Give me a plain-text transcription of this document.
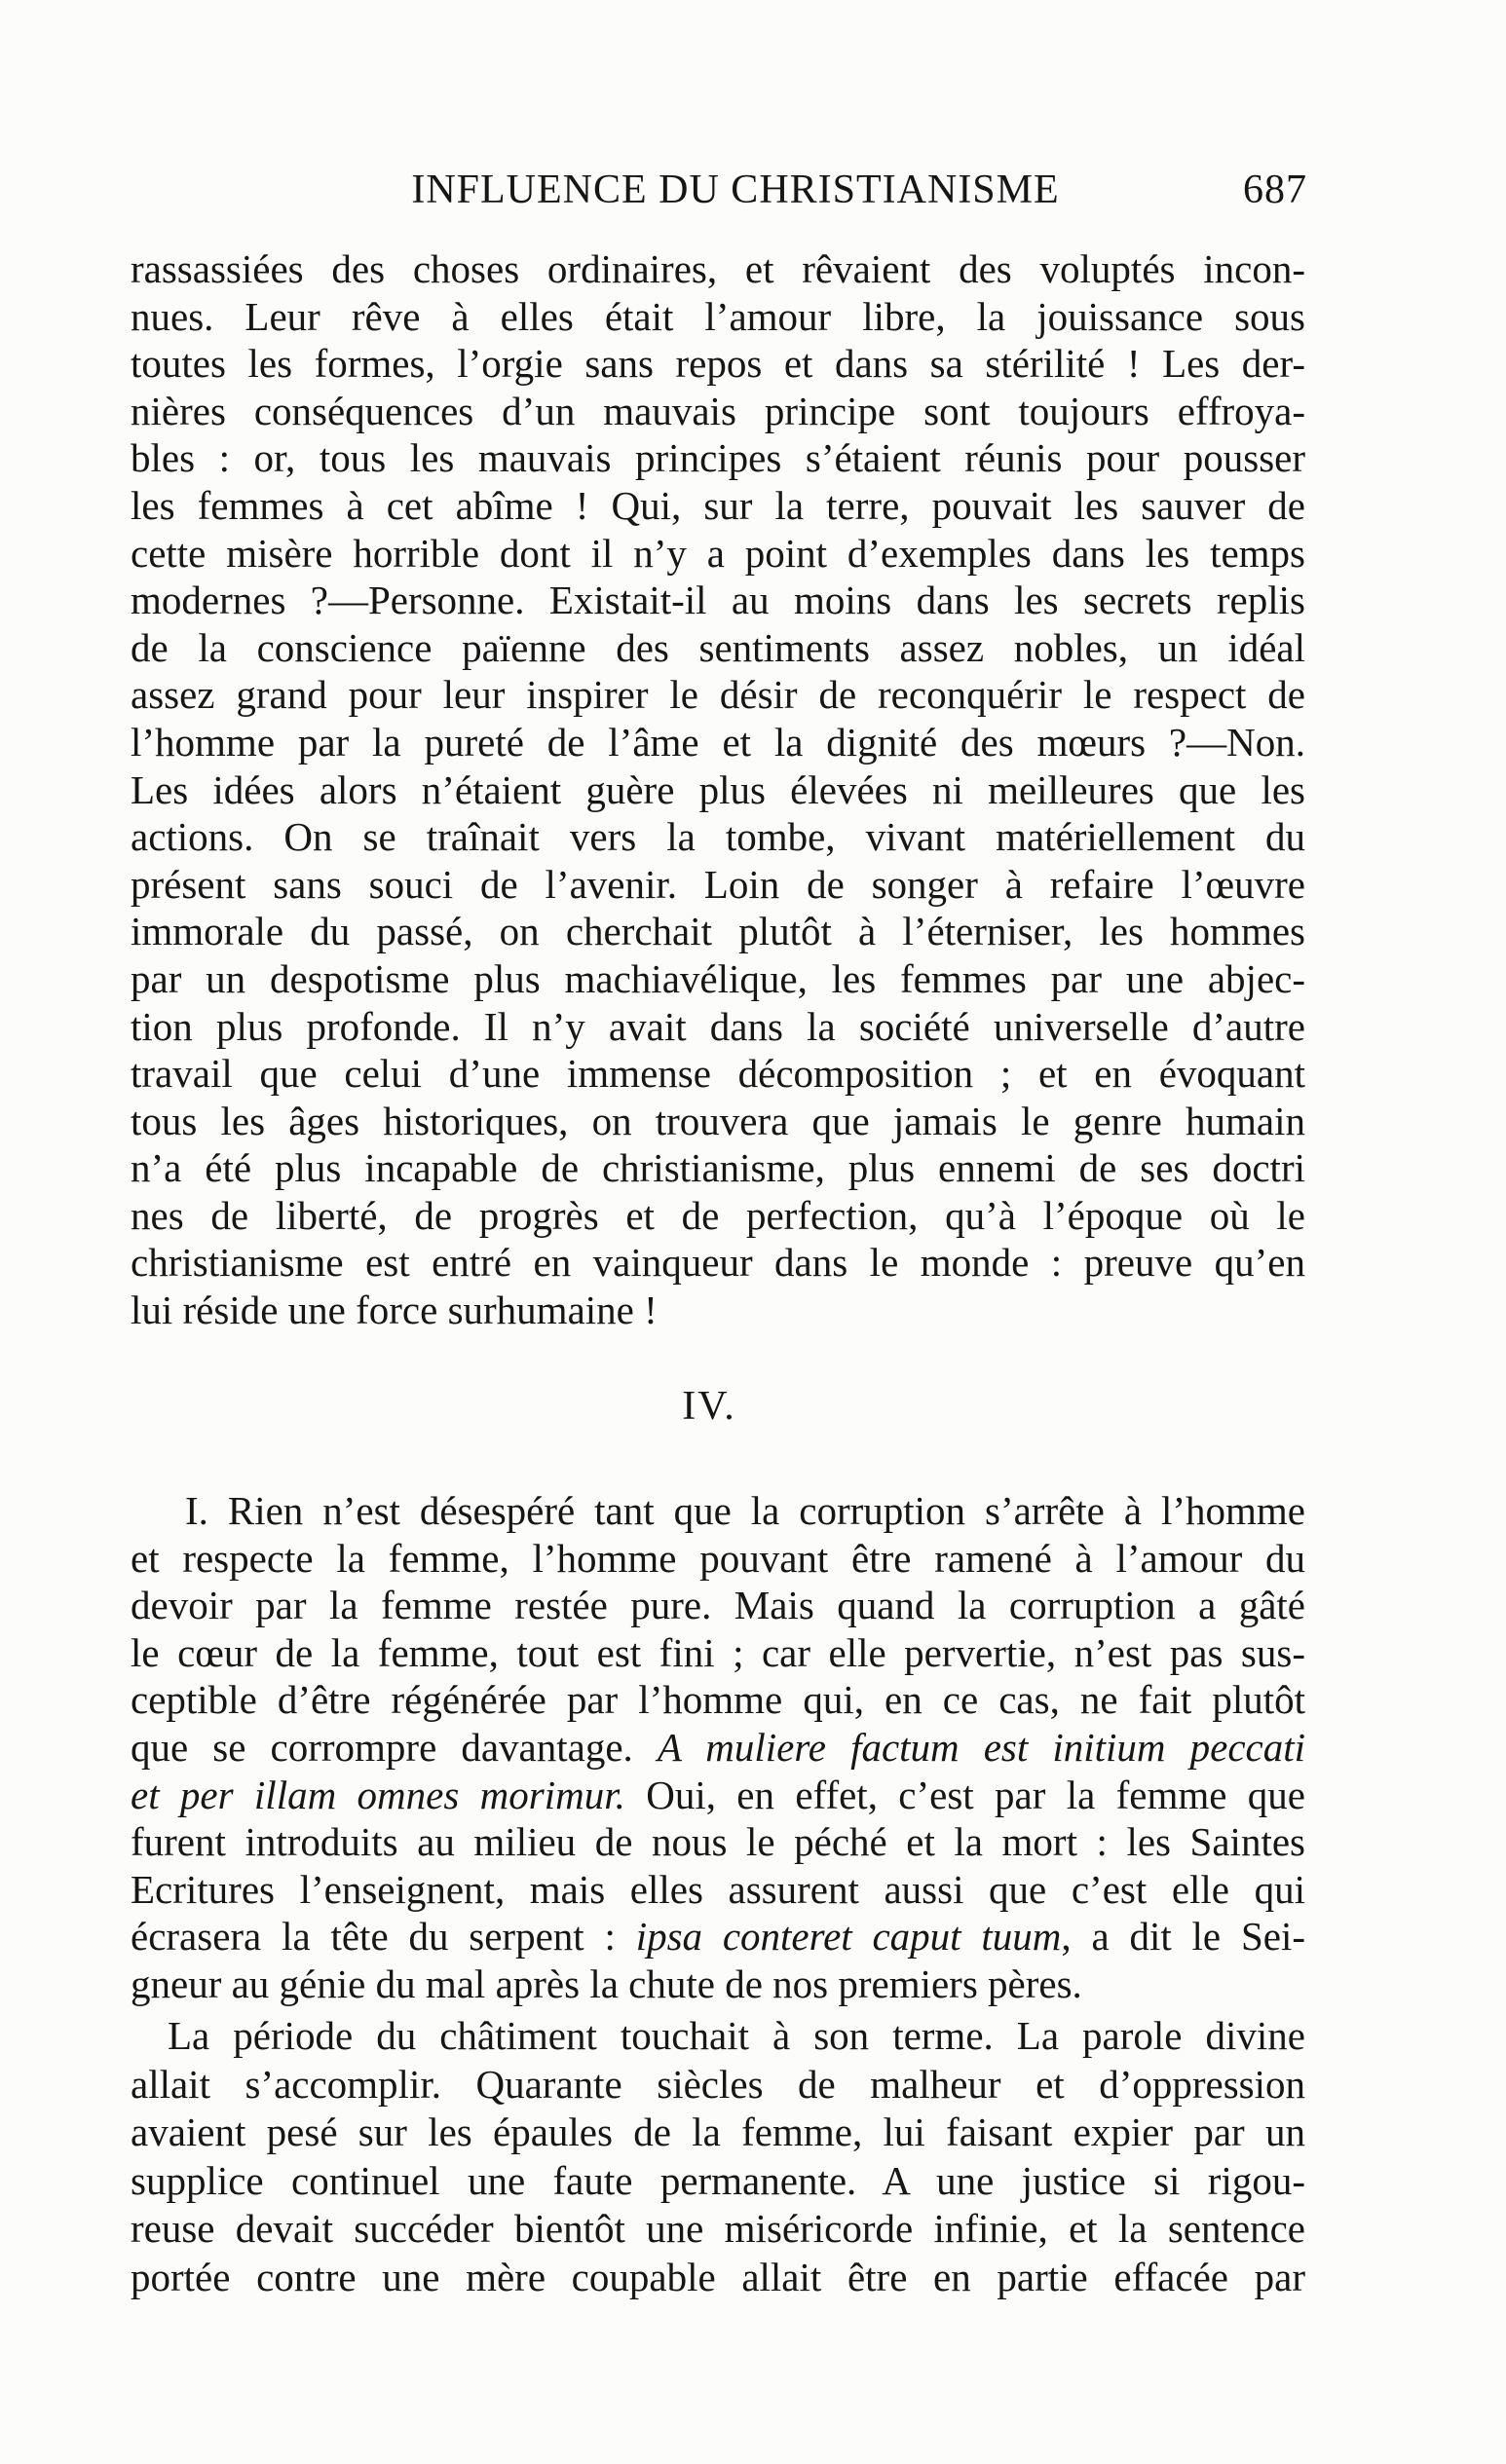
INFLUENCE DU CHRISTIANISME	687
rassassiées des choses ordinaires, et rêvaient des voluptés incon-
nues. Leur rêve à elles était l’amour libre, la jouissance sous
toutes les formes, l’orgie sans repos et dans sa stérilité ! Les der-
nières conséquences d’un mauvais principe sont toujours effroya-
bles : or, tous les mauvais principes s’étaient réunis pour pousser
les femmes à cet abîme ! Qui, sur la terre, pouvait les sauver de
cette misère horrible dont il n’y a point d’exemples dans les temps
modernes ?—Personne. Existait-il au moins dans les secrets replis
de la conscience païenne des sentiments assez nobles, un idéal
assez grand pour leur inspirer le désir de reconquérir le respect de
l’homme par la pureté de l’âme et la dignité des mœurs ?—Non.
Les idées alors n’étaient guère plus élevées ni meilleures que les
actions. On se traînait vers la tombe, vivant matériellement du
présent sans souci de l’avenir. Loin de songer à refaire l’œuvre
immorale du passé, on cherchait plutôt à l’éterniser, les hommes
par un despotisme plus machiavélique, les femmes par une abjec-
tion plus profonde. Il n’y avait dans la société universelle d’autre
travail que celui d’une immense décomposition ; et en évoquant
tous les âges historiques, on trouvera que jamais le genre humain
n’a été plus incapable de christianisme, plus ennemi de ses doctri
nes de liberté, de progrès et de perfection, qu’à l’époque où le
christianisme est entré en vainqueur dans le monde : preuve qu’en
lui réside une force surhumaine !
IV.
I. Rien n’est désespéré tant que la corruption s’arrête à l’homme
et respecte la femme, l’homme pouvant être ramené à l’amour du
devoir par la femme restée pure. Mais quand la corruption a gâté
le cœur de la femme, tout est fini ; car elle pervertie, n’est pas sus-
ceptible d’être régénérée par l’homme qui, en ce cas, ne fait plutôt
que se corrompre davantage. A muliere factum est initium peccati
et per illam omnes morimur. Oui, en effet, c’est par la femme que
furent introduits au milieu de nous le péché et la mort : les Saintes
Ecritures l’enseignent, mais elles assurent aussi que c’est elle qui
écrasera la tête du serpent : ipsa conteret caput tuum, a dit le Sei-
gneur au génie du mal après la chute de nos premiers pères.
La période du châtiment touchait à son terme. La parole divine
allait s’accomplir. Quarante siècles de malheur et d’oppression
avaient pesé sur les épaules de la femme, lui faisant expier par un
supplice continuel une faute permanente. A une justice si rigou-
reuse devait succéder bientôt une miséricorde infinie, et la sentence
portée contre une mère coupable allait être en partie effacée par
